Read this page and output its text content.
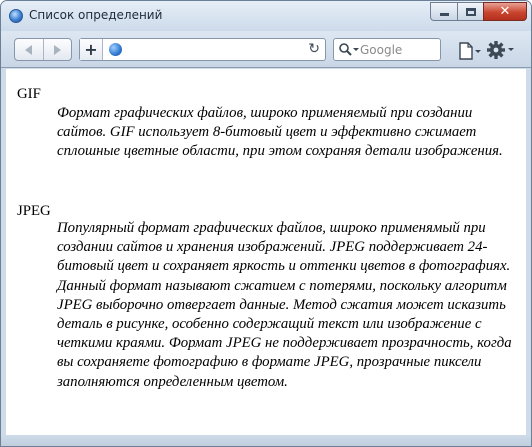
Список определений	✕
+	↻
Google
GIF
Формат графических файлов, широко применяемый при создании сайтов. GIF использует 8-битовый цвет и эффективно сжимает сплошные цветные области, при этом сохраняя детали изображения.
JPEG
Популярный формат графических файлов, широко применямый при создании сайтов и хранения изображений. JPEG поддерживает 24-битовый цвет и сохраняет яркость и оттенки цветов в фотографиях. Данный формат называют сжатием с потерями, поскольку алгоритм JPEG выборочно отвергает данные. Метод сжатия может исказить деталь в рисунке, особенно содержащий текст или изображение с четкими краями. Формат JPEG не поддерживает прозрачность, когда вы сохраняете фотографию в формате JPEG, прозрачные пиксели заполняются определенным цветом.
